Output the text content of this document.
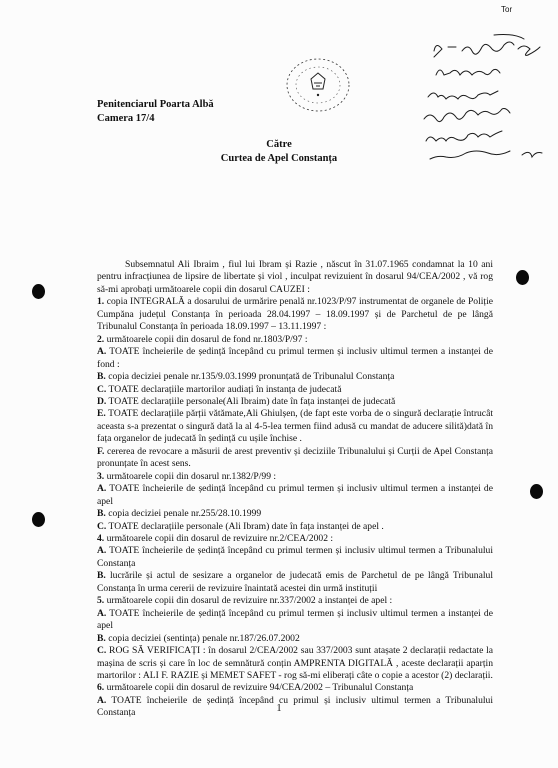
Tor
Penitenciarul Poarta Albă
Camera 17/4
Către
Curtea de Apel Constanța

Subsemnatul Ali Ibraim , fiul lui Ibram și Razie , născut în 31.07.1965 condamnat la 10 ani pentru infracțiunea de lipsire de libertate și viol , inculpat revizuient în dosarul 94/CEA/2002 , vă rog să-mi aprobați următoarele copii din dosarul CAUZEI :

1. copia INTEGRALĂ a dosarului de urmărire penală nr.1023/P/97 instrumentat de organele de Poliție Cumpăna județul Constanța în perioada 28.04.1997 – 18.09.1997 și de Parchetul de pe lângă Tribunalul Constanța în perioada 18.09.1997 – 13.11.1997 :

2. următoarele copii din dosarul de fond nr.1803/P/97 :

A. TOATE încheierile de ședință începând cu primul termen și inclusiv ultimul termen a instanței de fond :

B. copia deciziei penale nr.135/9.03.1999 pronunțată de Tribunalul Constanța

C. TOATE declarațiile martorilor audiați în instanța de judecată

D. TOATE declarațiile personale(Ali Ibraim) date în fața instanței de judecată

E. TOATE declarațiile părții vătămate,Ali Ghiulșen, (de fapt este vorba de o singură declarație întrucât aceasta s-a prezentat o singură dată la al 4-5-lea termen fiind adusă cu mandat de aducere silită)dată în fața organelor de judecată în ședință cu ușile închise .

F. cererea de revocare a măsurii de arest preventiv și deciziile Tribunalului și Curții de Apel Constanța pronunțate în acest sens.

3. următoarele copii din dosarul nr.1382/P/99 :

A. TOATE încheierile de ședință începând cu primul termen și inclusiv ultimul termen a instanței de apel

B. copia deciziei penale nr.255/28.10.1999

C. TOATE declarațiile personale (Ali Ibram) date în fața instanței de apel .

4. următoarele copii din dosarul de revizuire nr.2/CEA/2002 :

A. TOATE încheierile de ședință începând cu primul termen și inclusiv ultimul termen a Tribunalului Constanța

B. lucrările și actul de sesizare a organelor de judecată emis de Parchetul de pe lângă Tribunalul Constanța în urma cererii de revizuire înaintată acestei din urmă instituții

5. următoarele copii din dosarul de revizuire nr.337/2002 a instanței de apel :

A. TOATE încheierile de ședință începând cu primul termen și inclusiv ultimul termen a instanței de apel

B. copia deciziei (sentința) penale nr.187/26.07.2002

C. ROG SĂ VERIFICAȚI : în dosarul 2/CEA/2002 sau 337/2003 sunt atașate 2 declarații redactate la mașina de scris și care în loc de semnătură conțin AMPRENTA DIGITALĂ , aceste declarații aparțin martorilor : ALI F. RAZIE și MEMET SAFET - rog să-mi eliberați câte o copie a acestor (2) declarații.

6. următoarele copii din dosarul de revizuire 94/CEA/2002 – Tribunalul Constanța

A. TOATE încheierile de ședință începând cu primul și inclusiv ultimul termen a Tribunalului Constanța	1
